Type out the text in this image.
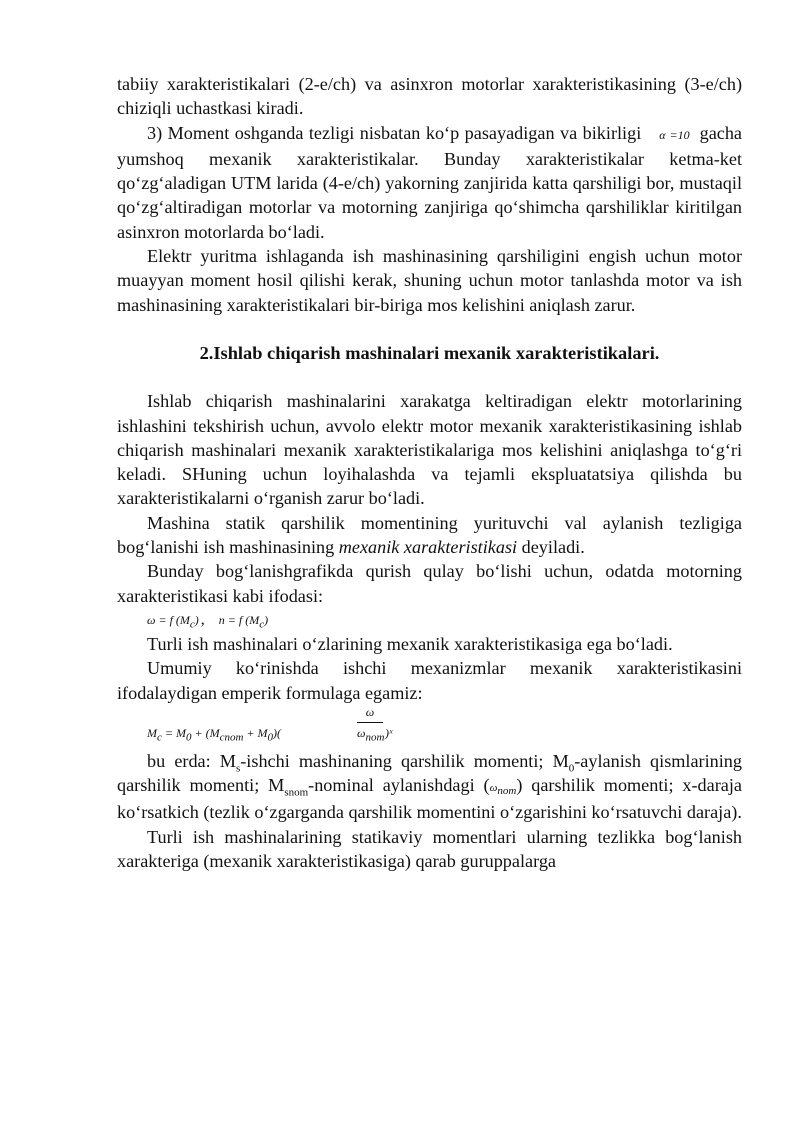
tabiiy xarakteristikalari (2-e/ch) va asinxron motorlar xarakteristikasining (3-e/ch) chiziqli uchastkasi kiradi.

3) Moment oshganda tezligi nisbatan ko‘p pasayadigan va bikirligi α =10 gacha yumshoq mexanik xarakteristikalar. Bunday xarakteristikalar ketma-ket qo‘zg‘aladigan UTM larida (4-e/ch) yakorning zanjirida katta qarshiligi bor, mustaqil qo‘zg‘altiradigan motorlar va motorning zanjiriga qo‘shimcha qarshiliklar kiritilgan asinxron motorlarda bo‘ladi.

Elektr yuritma ishlaganda ish mashinasining qarshiligini engish uchun motor muayyan moment hosil qilishi kerak, shuning uchun motor tanlashda motor va ish mashinasining xarakteristikalari bir-biriga mos kelishini aniqlash zarur.

2.Ishlab chiqarish mashinalari mexanik xarakteristikalari.

Ishlab chiqarish mashinalarini xarakatga keltiradigan elektr motorlarining ishlashini tekshirish uchun, avvolo elektr motor mexanik xarakteristikasining ishlab chiqarish mashinalari mexanik xarakteristikalariga mos kelishini aniqlashga to‘g‘ri keladi. SHuning uchun loyihalashda va tejamli ekspluatatsiya qilishda bu xarakteristikalarni o‘rganish zarur bo‘ladi.

Mashina statik qarshilik momentining yurituvchi val aylanish tezligiga bog‘lanishi ish mashinasining mexanik xarakteristikasi deyiladi.

Bunday bog‘lanishgrafikda qurish qulay bo‘lishi uchun, odatda motorning xarakteristikasi kabi ifodasi:

ω = f $(M_c)$ , n = f $(M_c)$

Turli ish mashinalari o‘zlarining mexanik xarakteristikasiga ega bo‘ladi.

Umumiy ko‘rinishda ishchi mexanizmlar mexanik xarakteristikasini ifodalaydigan emperik formulaga egamiz:

$M_c = M_0 + (M_{cnom} + M_0)$(
ω
$\omega_{nom}$ )ˣ

bu erda: $M_s$-ishchi mashinaning qarshilik momenti; $M_0$-aylanish qismlarining qarshilik momenti; $M_{snom}$-nominal aylanishdagi $(\omega_{nom})$ qarshilik momenti; x-daraja ko‘rsatkich (tezlik o‘zgarganda qarshilik momentini o‘zgarishini ko‘rsatuvchi daraja).

Turli ish mashinalarining statikaviy momentlari ularning tezlikka bog‘lanish xarakteriga (mexanik xarakteristikasiga) qarab guruppalarga
